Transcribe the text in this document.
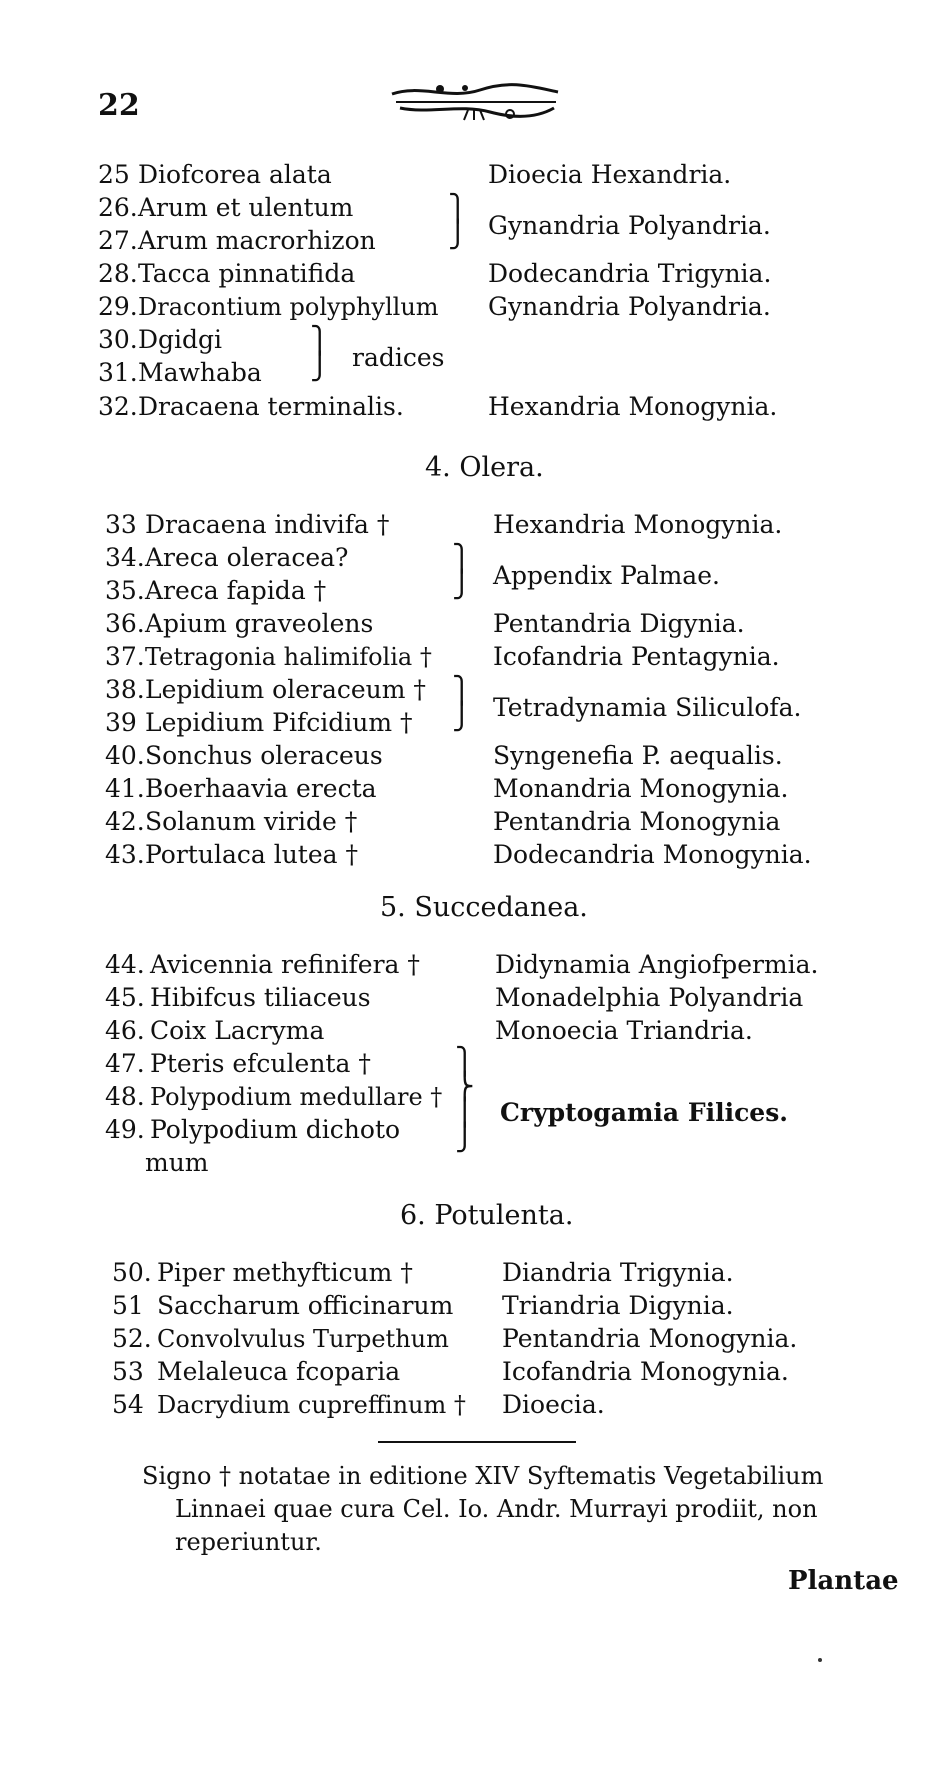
22
25 Diofcorea alata	Dioecia Hexandria.
26. Arum et ulentum
27. Arum macrorhizon
⎫
⎭ Gynandria Polyandria.
28. Tacca pinnatifida	Dodecandria Trigynia.
29. Dracontium polyphyllum Gynandria Polyandria.
30. Dgidgi
31. Mawhaba
⎫
⎭ radices
32. Dracaena terminalis.	Hexandria Monogynia.
4. Olera.
33 Dracaena indivifa †	Hexandria Monogynia.
34. Areca oleracea?
35. Areca fapida †
⎫
⎭ Appendix Palmae.
36. Apium graveolens	Pentandria Digynia.
37. Tetragonia halimifolia † Icofandria Pentagynia.
38. Lepidium oleraceum †
39 Lepidium Pifcidium †
⎫
⎭ Tetradynamia Siliculofa.
40. Sonchus oleraceus	Syngenefia P. aequalis.
41. Boerhaavia erecta	Monandria Monogynia.
42. Solanum viride †	Pentandria Monogynia
43. Portulaca lutea †	Dodecandria Monogynia.
5. Succedanea.
44. Avicennia refinifera †	Didynamia Angiofpermia.
45. Hibifcus tiliaceus	Monadelphia Polyandria
46. Coix Lacryma	Monoecia Triandria.
47. Pteris efculenta †
48. Polypodium medullare †
49. Polypodium dichoto
mum
⎫
⎬
⎪
⎭
Cryptogamia Filices.
6. Potulenta.
50. Piper methyfticum †	Diandria Trigynia.
51 Saccharum officinarum Triandria Digynia.
52. Convolvulus Turpethum Pentandria Monogynia.
53 Melaleuca fcoparia	Icofandria Monogynia.
54 Dacrydium cupreffinum † Dioecia.
Signo † notatae in editione XIV Syftematis Vegetabilium
Linnaei quae cura Cel. Io. Andr. Murrayi prodiit, non
reperiuntur.
Plantae
